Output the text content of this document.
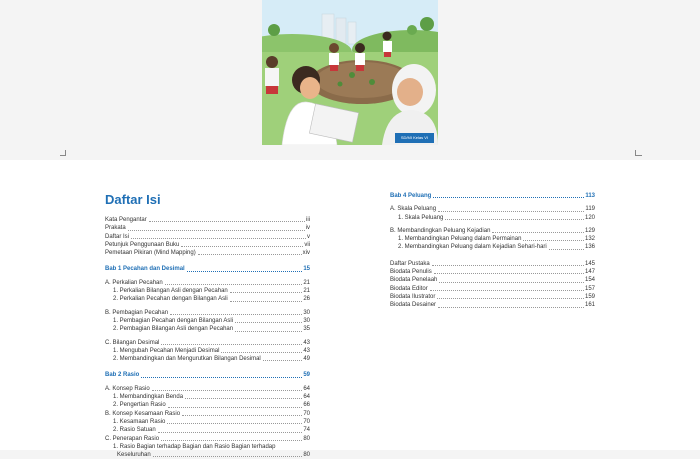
SD/MI Kelas VI
Daftar Isi
Kata Pengantar	iii
Prakata	iv
Daftar Isi	v
Petunjuk Penggunaan Buku	vii
Pemetaan Pikiran (Mind Mapping)	xiv
Bab 1 Pecahan dan Desimal	15
A. Perkalian Pecahan	21
1. Perkalian Bilangan Asli dengan Pecahan	21
2. Perkalian Pecahan dengan Bilangan Asli	26
B. Pembagian Pecahan	30
1. Pembagian Pecahan dengan Bilangan Asli	30
2. Pembagian Bilangan Asli dengan Pecahan	35
C. Bilangan Desimal	43
1. Mengubah Pecahan Menjadi Desimal	43
2. Membandingkan dan Mengurutkan Bilangan Desimal	49
Bab 2 Rasio	59
A. Konsep Rasio	64
1. Membandingkan Benda	64
2. Pengertian Rasio	66
B. Konsep Kesamaan Rasio	70
1. Kesamaan Rasio	70
2. Rasio Satuan	74
C. Penerapan Rasio	80
1. Rasio Bagian terhadap Bagian dan Rasio Bagian terhadap
Keseluruhan	80
Bab 4 Peluang	113
A. Skala Peluang	119
1. Skala Peluang	120
B. Membandingkan Peluang Kejadian	129
1. Membandingkan Peluang dalam Permainan	132
2. Membandingkan Peluang dalam Kejadian Sehari-hari	136
Daftar Pustaka	145
Biodata Penulis	147
Biodata Penelaah	154
Biodata Editor	157
Biodata Ilustrator	159
Biodata Desainer	161
